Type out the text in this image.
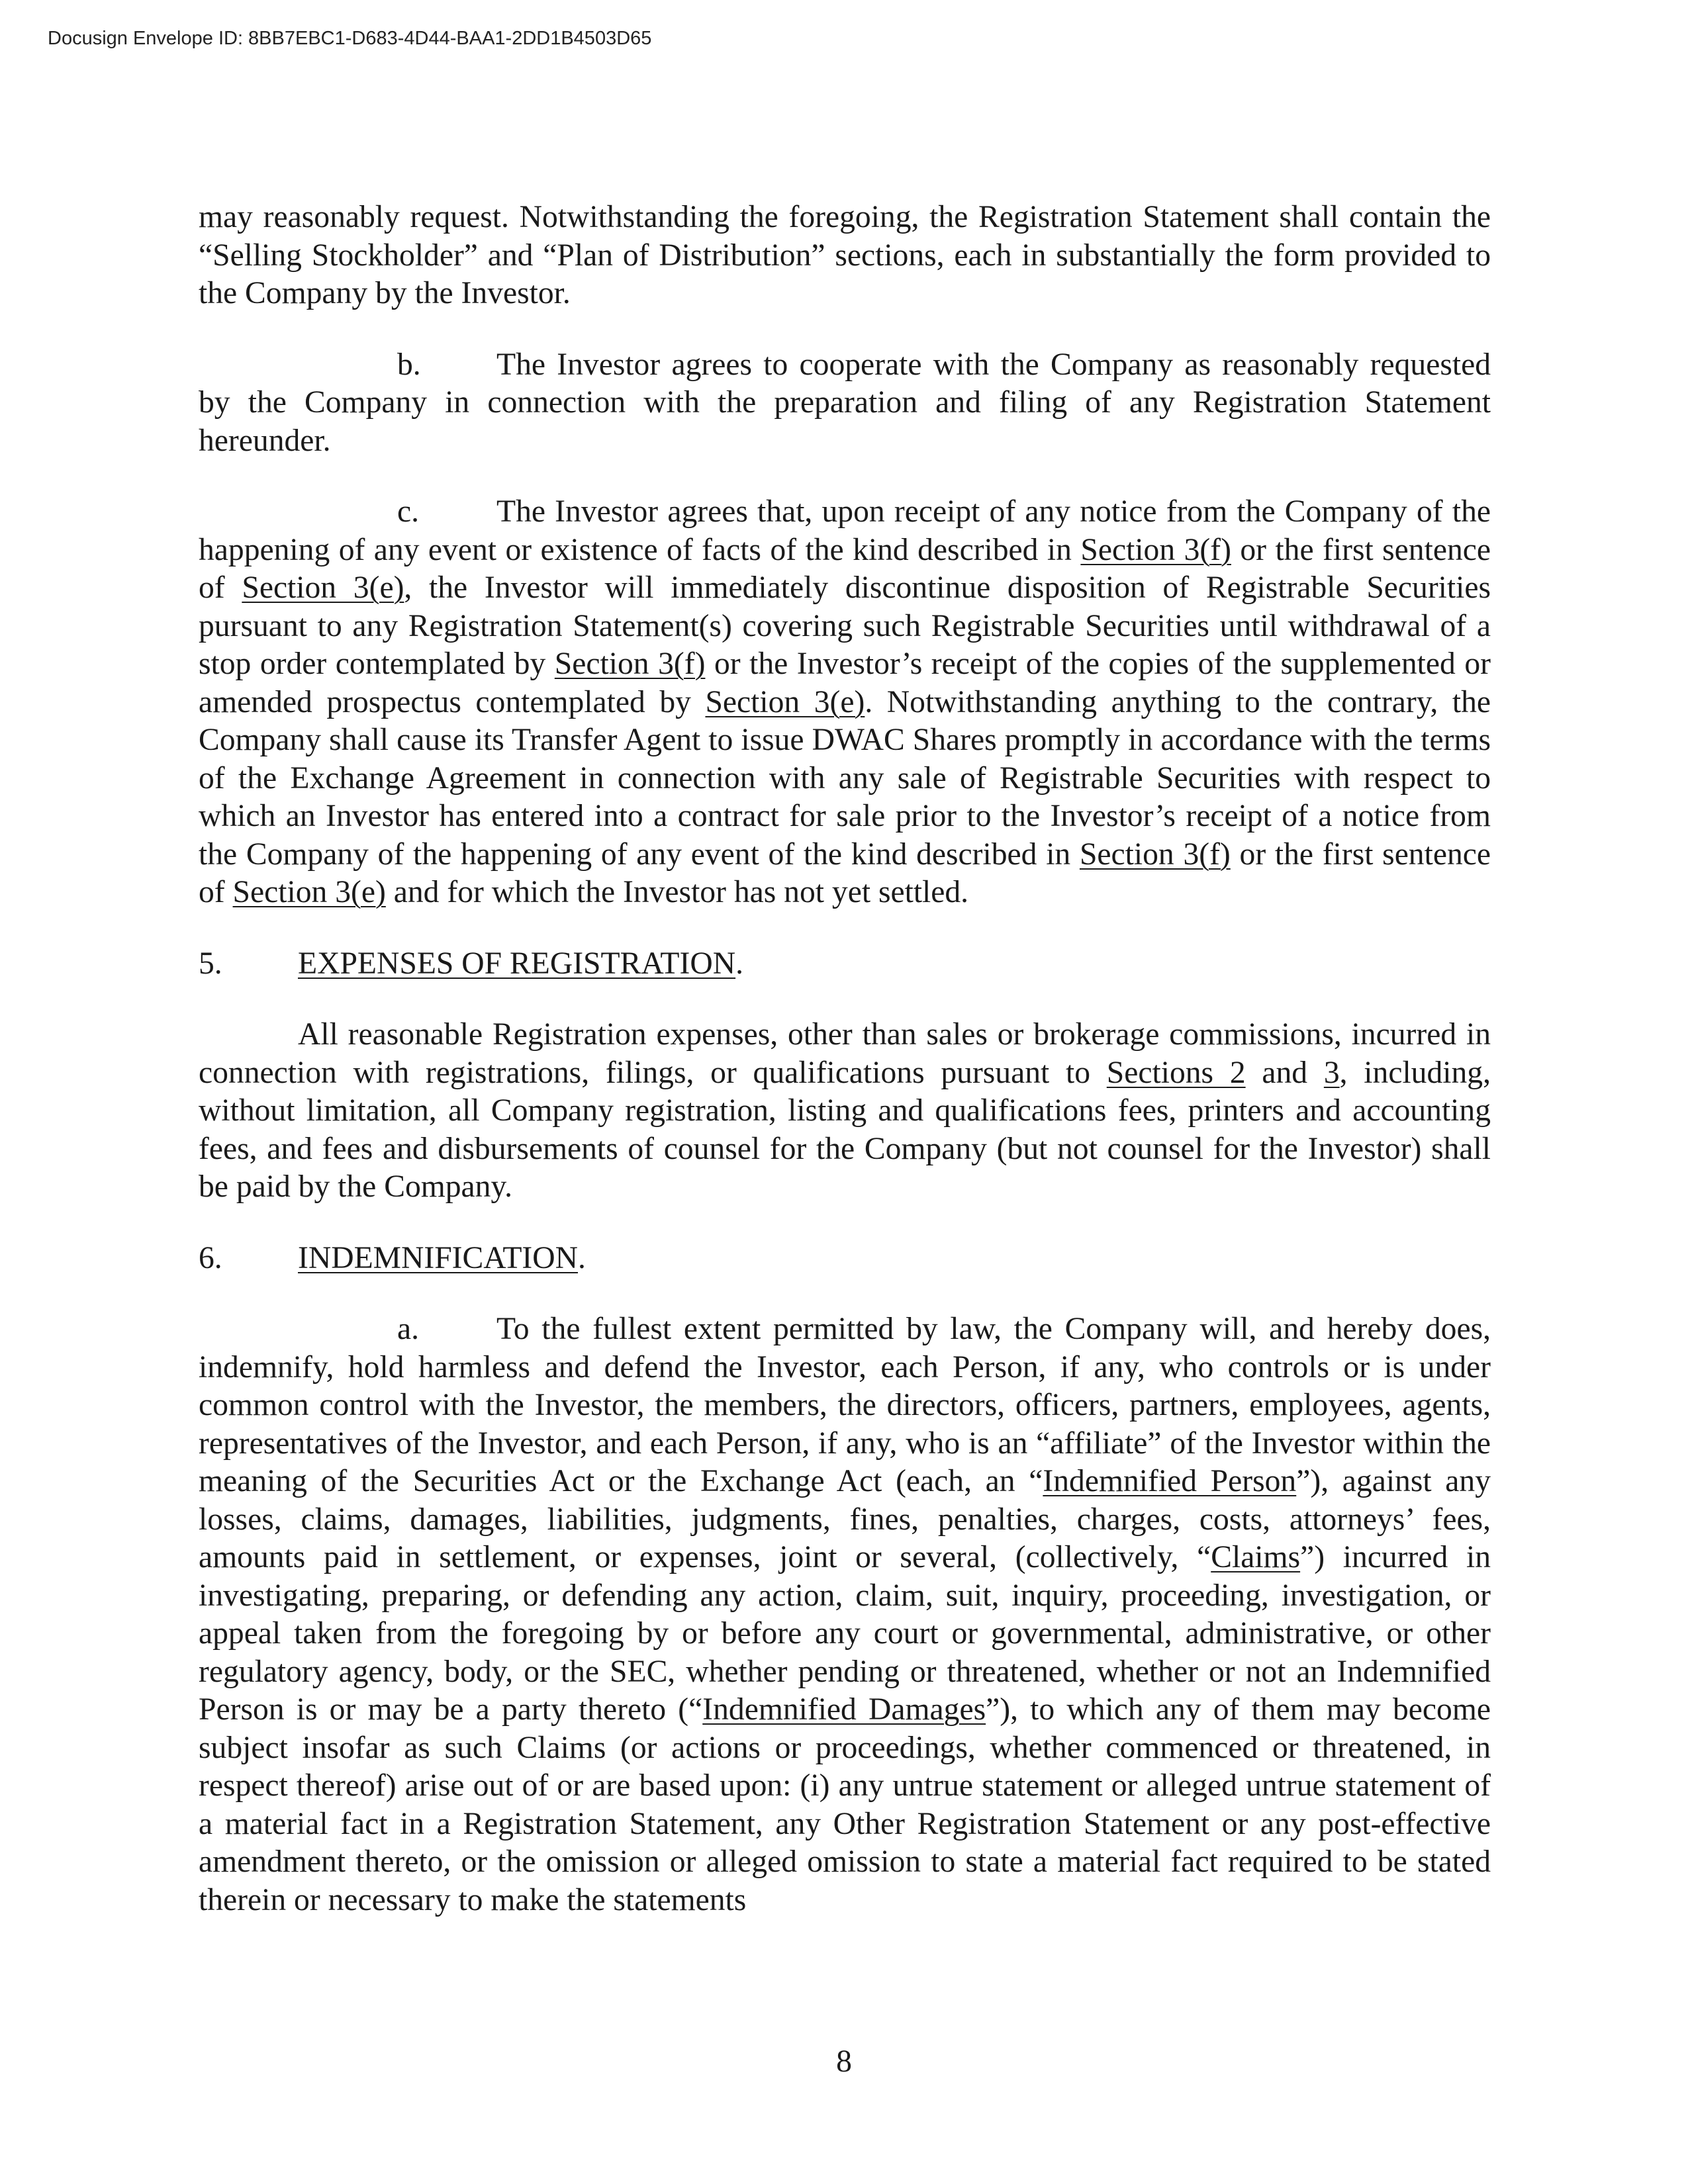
Docusign Envelope ID: 8BB7EBC1-D683-4D44-BAA1-2DD1B4503D65

may reasonably request. Notwithstanding the foregoing, the Registration Statement shall contain the “Selling Stockholder” and “Plan of Distribution” sections, each in substantially the form provided to the Company by the Investor.

b. The Investor agrees to cooperate with the Company as reasonably requested by the Company in connection with the preparation and filing of any Registration Statement hereunder.

c. The Investor agrees that, upon receipt of any notice from the Company of the happening of any event or existence of facts of the kind described in Section 3(f) or the first sentence of Section 3(e), the Investor will immediately discontinue disposition of Registrable Securities pursuant to any Registration Statement(s) covering such Registrable Securities until withdrawal of a stop order contemplated by Section 3(f) or the Investor’s receipt of the copies of the supplemented or amended prospectus contemplated by Section 3(e). Notwithstanding anything to the contrary, the Company shall cause its Transfer Agent to issue DWAC Shares promptly in accordance with the terms of the Exchange Agreement in connection with any sale of Registrable Securities with respect to which an Investor has entered into a contract for sale prior to the Investor’s receipt of a notice from the Company of the happening of any event of the kind described in Section 3(f) or the first sentence of Section 3(e) and for which the Investor has not yet settled.

5. EXPENSES OF REGISTRATION.

All reasonable Registration expenses, other than sales or brokerage commissions, incurred in connection with registrations, filings, or qualifications pursuant to Sections 2 and 3, including, without limitation, all Company registration, listing and qualifications fees, printers and accounting fees, and fees and disbursements of counsel for the Company (but not counsel for the Investor) shall be paid by the Company.

6. INDEMNIFICATION.

a. To the fullest extent permitted by law, the Company will, and hereby does, indemnify, hold harmless and defend the Investor, each Person, if any, who controls or is under common control with the Investor, the members, the directors, officers, partners, employees, agents, representatives of the Investor, and each Person, if any, who is an “affiliate” of the Investor within the meaning of the Securities Act or the Exchange Act (each, an “Indemnified Person”), against any losses, claims, damages, liabilities, judgments, fines, penalties, charges, costs, attorneys’ fees, amounts paid in settlement, or expenses, joint or several, (collectively, “Claims”) incurred in investigating, preparing, or defending any action, claim, suit, inquiry, proceeding, investigation, or appeal taken from the foregoing by or before any court or governmental, administrative, or other regulatory agency, body, or the SEC, whether pending or threatened, whether or not an Indemnified Person is or may be a party thereto (“Indemnified Damages”), to which any of them may become subject insofar as such Claims (or actions or proceedings, whether commenced or threatened, in respect thereof) arise out of or are based upon: (i) any untrue statement or alleged untrue statement of a material fact in a Registration Statement, any Other Registration Statement or any post-effective amendment thereto, or the omission or alleged omission to state a material fact required to be stated therein or necessary to make the statements

8
